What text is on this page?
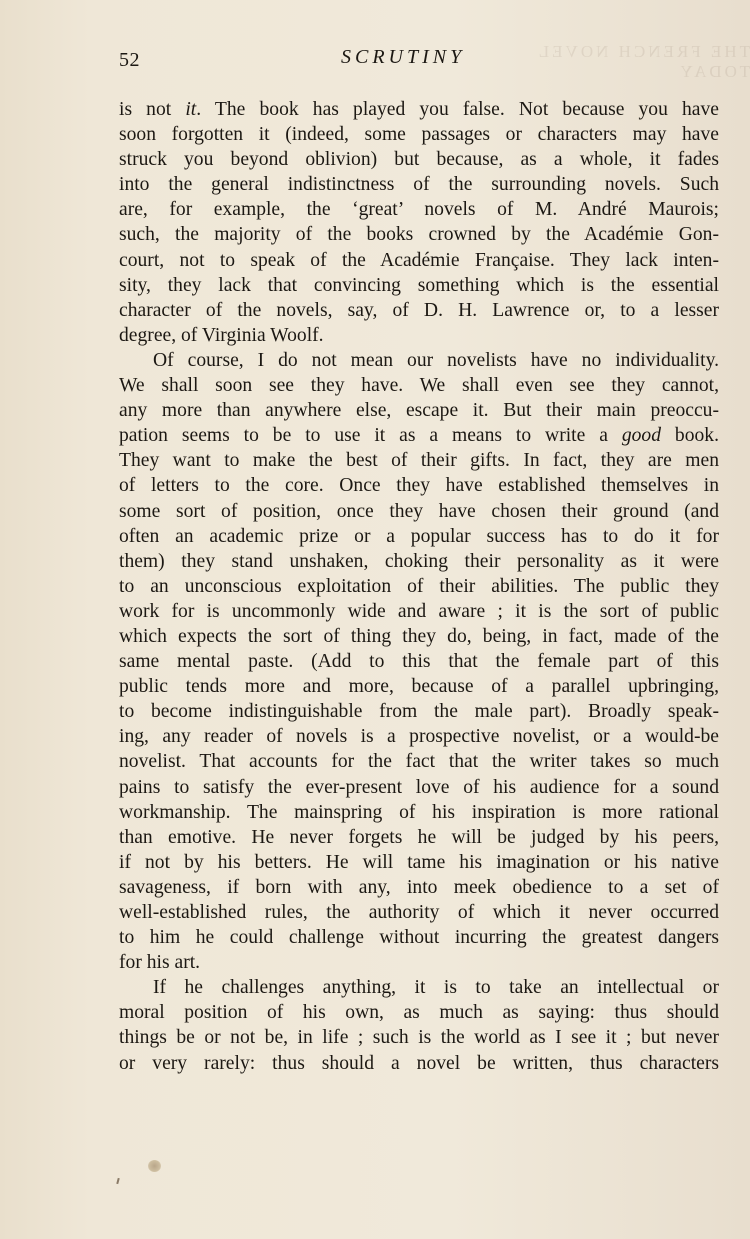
THE FRENCH NOVEL TODAY
52	SCRUTINY
is not it. The book has played you false. Not because you have
soon forgotten it (indeed, some passages or characters may have
struck you beyond oblivion) but because, as a whole, it fades
into the general indistinctness of the surrounding novels. Such
are, for example, the ‘great’ novels of M. André Maurois;
such, the majority of the books crowned by the Académie Gon-
court, not to speak of the Académie Française. They lack inten-
sity, they lack that convincing something which is the essential
character of the novels, say, of D. H. Lawrence or, to a lesser
degree, of Virginia Woolf.
Of course, I do not mean our novelists have no individuality.
We shall soon see they have. We shall even see they cannot,
any more than anywhere else, escape it. But their main preoccu-
pation seems to be to use it as a means to write a good book.
They want to make the best of their gifts. In fact, they are men
of letters to the core. Once they have established themselves in
some sort of position, once they have chosen their ground (and
often an academic prize or a popular success has to do it for
them) they stand unshaken, choking their personality as it were
to an unconscious exploitation of their abilities. The public they
work for is uncommonly wide and aware ; it is the sort of public
which expects the sort of thing they do, being, in fact, made of the
same mental paste. (Add to this that the female part of this
public tends more and more, because of a parallel upbringing,
to become indistinguishable from the male part). Broadly speak-
ing, any reader of novels is a prospective novelist, or a would-be
novelist. That accounts for the fact that the writer takes so much
pains to satisfy the ever-present love of his audience for a sound
workmanship. The mainspring of his inspiration is more rational
than emotive. He never forgets he will be judged by his peers,
if not by his betters. He will tame his imagination or his native
savageness, if born with any, into meek obedience to a set of
well-established rules, the authority of which it never occurred
to him he could challenge without incurring the greatest dangers
for his art.
If he challenges anything, it is to take an intellectual or
moral position of his own, as much as saying: thus should
things be or not be, in life ; such is the world as I see it ; but never
or very rarely: thus should a novel be written, thus characters
